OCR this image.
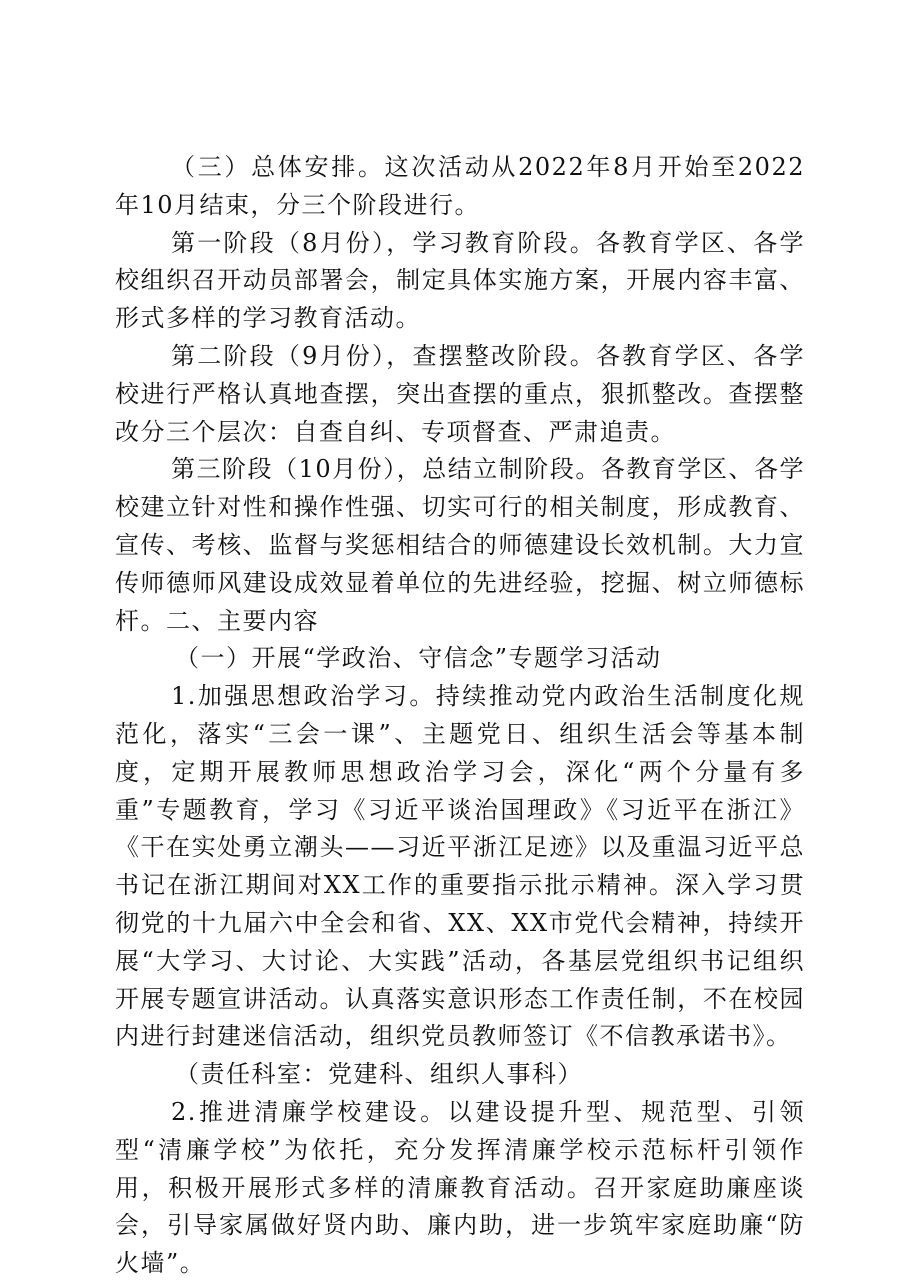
（三）总体安排。这次活动从2022年8月开始至2022年10月结束，分三个阶段进行。

第一阶段（8月份），学习教育阶段。各教育学区、各学校组织召开动员部署会，制定具体实施方案，开展内容丰富、形式多样的学习教育活动。

第二阶段（9月份），查摆整改阶段。各教育学区、各学校进行严格认真地查摆，突出查摆的重点，狠抓整改。查摆整改分三个层次：自查自纠、专项督查、严肃追责。

第三阶段（10月份），总结立制阶段。各教育学区、各学校建立针对性和操作性强、切实可行的相关制度，形成教育、宣传、考核、监督与奖惩相结合的师德建设长效机制。大力宣传师德师风建设成效显着单位的先进经验，挖掘、树立师德标杆。二、主要内容

（一）开展“学政治、守信念”专题学习活动

1.加强思想政治学习。持续推动党内政治生活制度化规范化，落实“三会一课”、主题党日、组织生活会等基本制度，定期开展教师思想政治学习会，深化“两个分量有多重”专题教育，学习《习近平谈治国理政》《习近平在浙江》《干在实处勇立潮头——习近平浙江足迹》以及重温习近平总书记在浙江期间对XX工作的重要指示批示精神。深入学习贯彻党的十九届六中全会和省、XX、XX市党代会精神，持续开展“大学习、大讨论、大实践”活动，各基层党组织书记组织开展专题宣讲活动。认真落实意识形态工作责任制，不在校园内进行封建迷信活动，组织党员教师签订《不信教承诺书》。

（责任科室：党建科、组织人事科）

2.推进清廉学校建设。以建设提升型、规范型、引领型“清廉学校”为依托，充分发挥清廉学校示范标杆引领作用，积极开展形式多样的清廉教育活动。召开家庭助廉座谈会，引导家属做好贤内助、廉内助，进一步筑牢家庭助廉“防火墙”。
